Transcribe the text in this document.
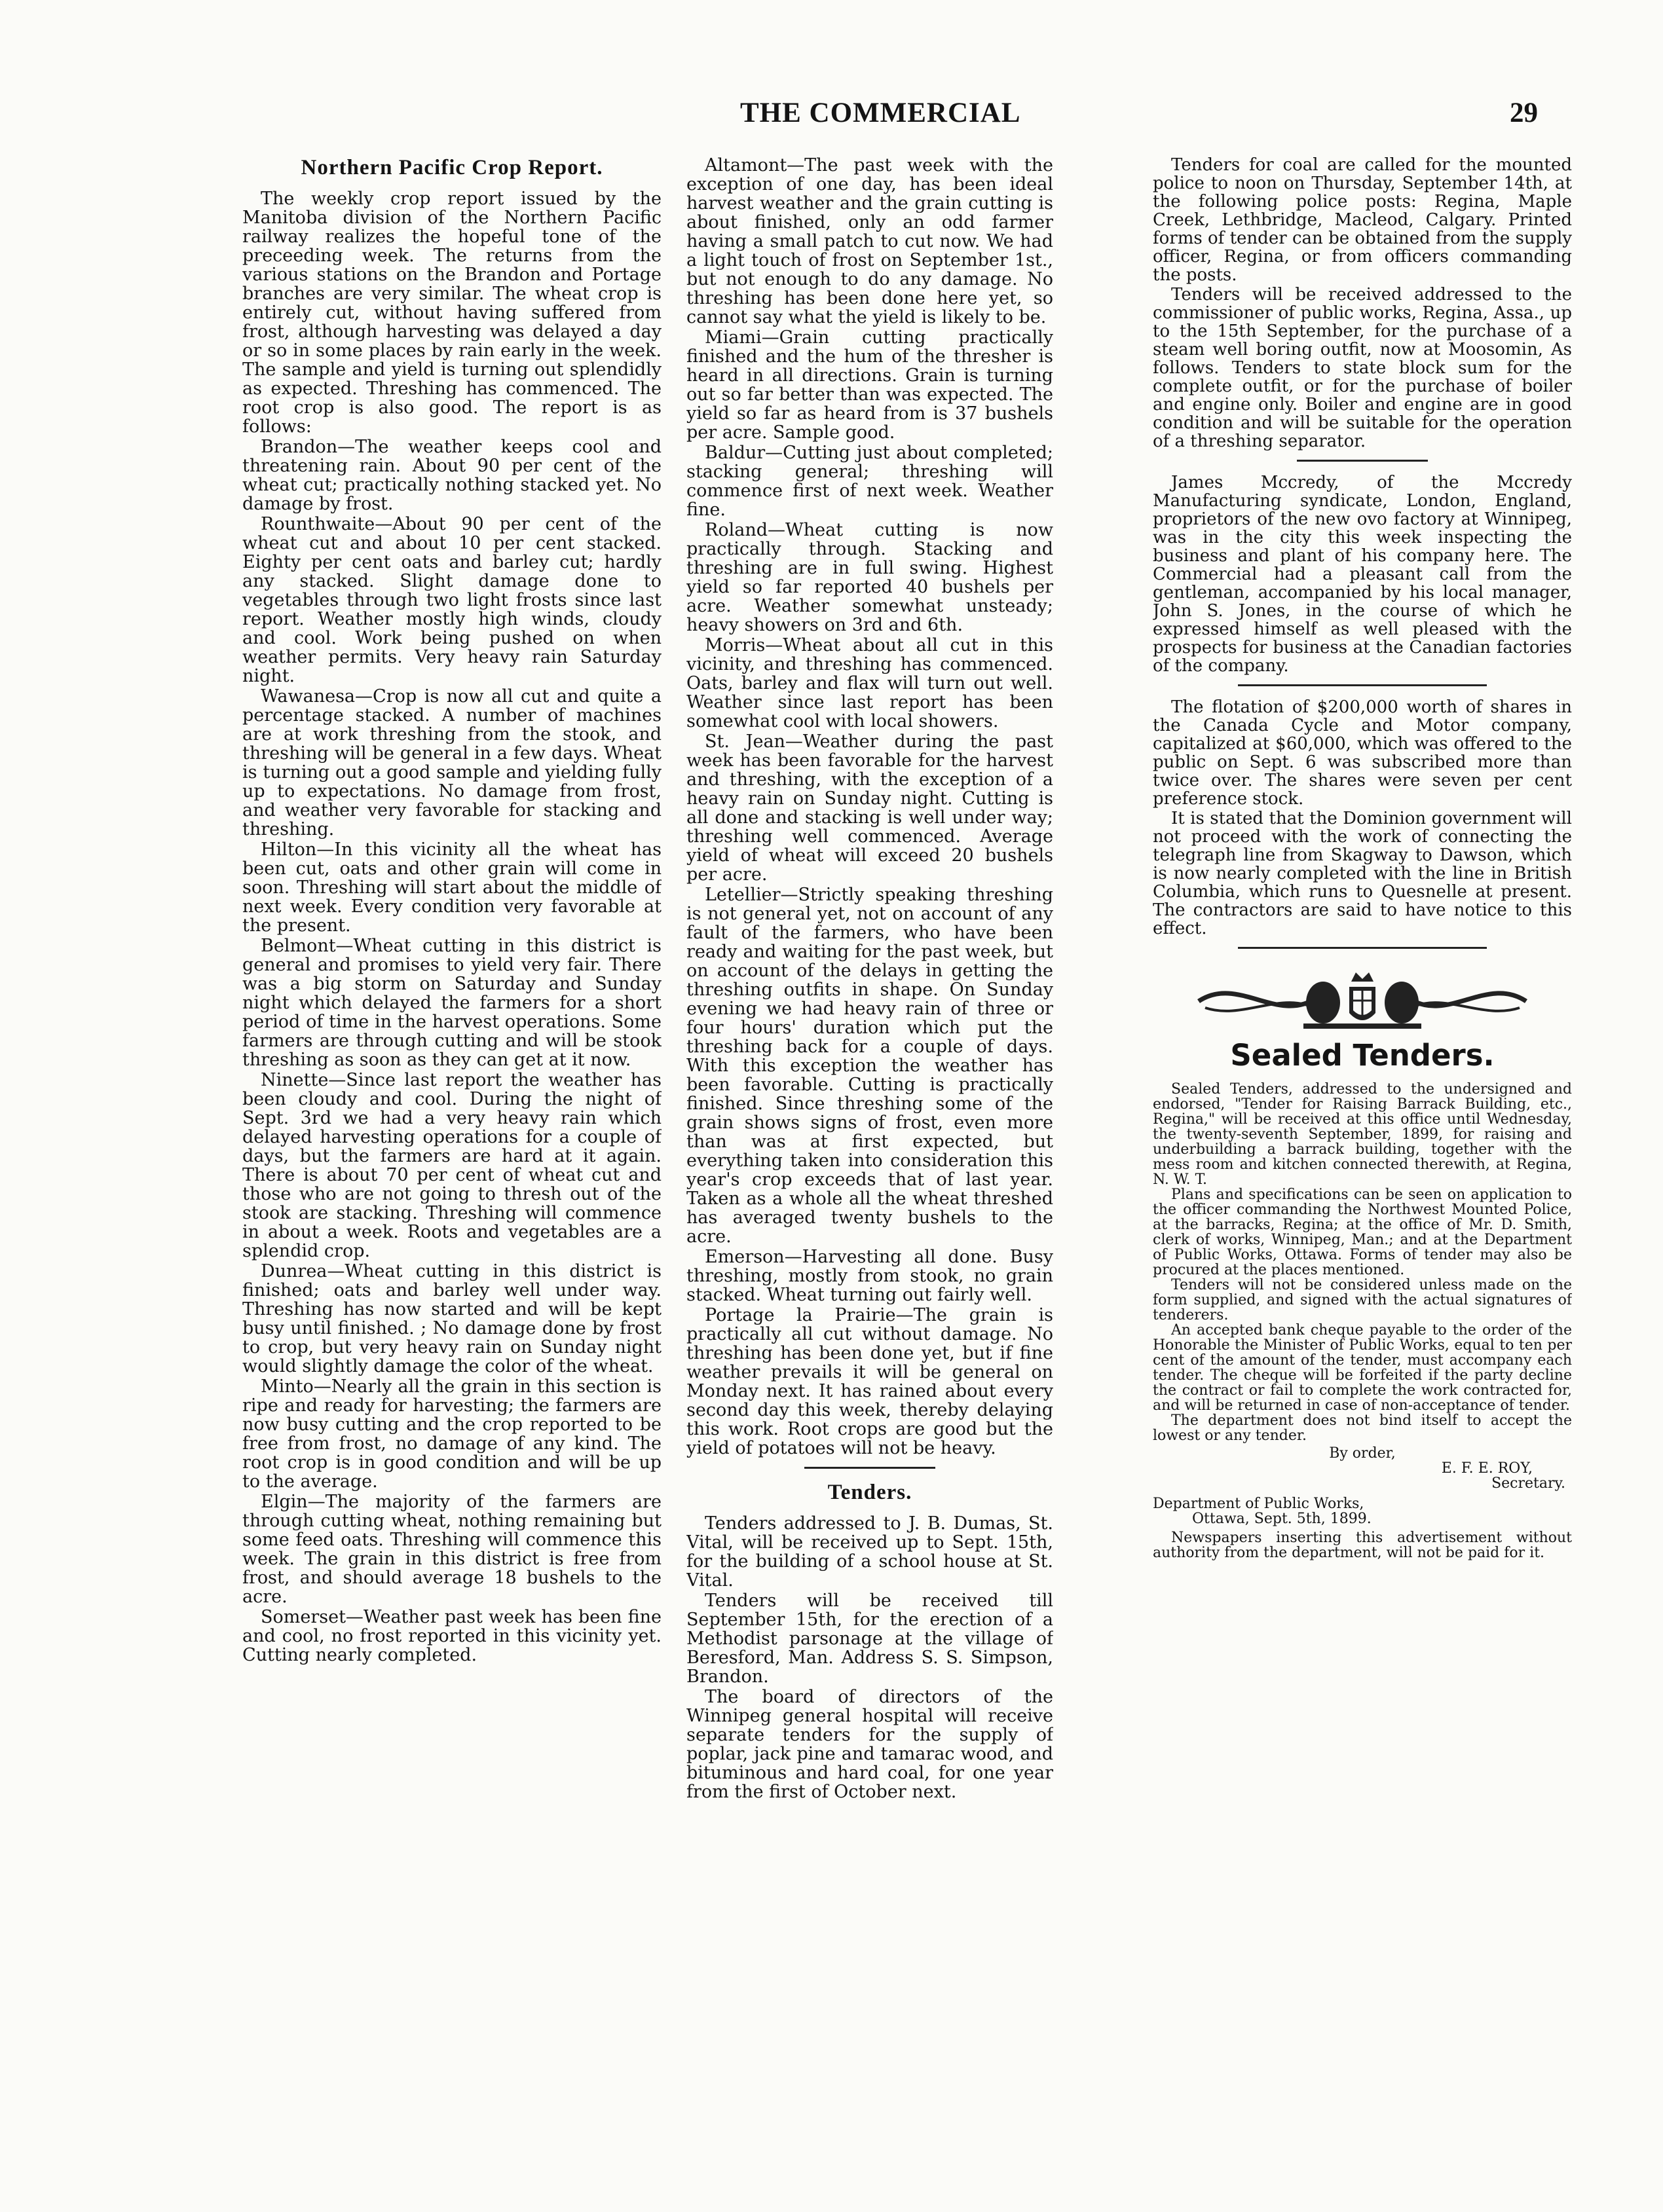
THE COMMERCIAL	29
Northern Pacific Crop Report.

The weekly crop report issued by the Manitoba division of the Northern Pacific railway realizes the hopeful tone of the preceeding week. The returns from the various stations on the Brandon and Portage branches are very similar. The wheat crop is entirely cut, without having suffered from frost, although harvesting was delayed a day or so in some places by rain early in the week. The sample and yield is turning out splendidly as expected. Threshing has commenced. The root crop is also good. The report is as follows:

Brandon—The weather keeps cool and threatening rain. About 90 per cent of the wheat cut; practically nothing stacked yet. No damage by frost.

Rounthwaite—About 90 per cent of the wheat cut and about 10 per cent stacked. Eighty per cent oats and barley cut; hardly any stacked. Slight damage done to vegetables through two light frosts since last report. Weather mostly high winds, cloudy and cool. Work being pushed on when weather permits. Very heavy rain Saturday night.

Wawanesa—Crop is now all cut and quite a percentage stacked. A number of machines are at work threshing from the stook, and threshing will be general in a few days. Wheat is turning out a good sample and yielding fully up to expectations. No damage from frost, and weather very favorable for stacking and threshing.

Hilton—In this vicinity all the wheat has been cut, oats and other grain will come in soon. Threshing will start about the middle of next week. Every condition very favorable at the present.

Belmont—Wheat cutting in this district is general and promises to yield very fair. There was a big storm on Saturday and Sunday night which delayed the farmers for a short period of time in the harvest operations. Some farmers are through cutting and will be stook threshing as soon as they can get at it now.

Ninette—Since last report the weather has been cloudy and cool. During the night of Sept. 3rd we had a very heavy rain which delayed harvesting operations for a couple of days, but the farmers are hard at it again. There is about 70 per cent of wheat cut and those who are not going to thresh out of the stook are stacking. Threshing will commence in about a week. Roots and vegetables are a splendid crop.

Dunrea—Wheat cutting in this district is finished; oats and barley well under way. Threshing has now started and will be kept busy until finished. ; No damage done by frost to crop, but very heavy rain on Sunday night would slightly damage the color of the wheat.

Minto—Nearly all the grain in this section is ripe and ready for harvesting; the farmers are now busy cutting and the crop reported to be free from frost, no damage of any kind. The root crop is in good condition and will be up to the average.

Elgin—The majority of the farmers are through cutting wheat, nothing remaining but some feed oats. Threshing will commence this week. The grain in this district is free from frost, and should average 18 bushels to the acre.

Somerset—Weather past week has been fine and cool, no frost reported in this vicinity yet. Cutting nearly completed.

Altamont—The past week with the exception of one day, has been ideal harvest weather and the grain cutting is about finished, only an odd farmer having a small patch to cut now. We had a light touch of frost on September 1st., but not enough to do any damage. No threshing has been done here yet, so cannot say what the yield is likely to be.

Miami—Grain cutting practically finished and the hum of the thresher is heard in all directions. Grain is turning out so far better than was expected. The yield so far as heard from is 37 bushels per acre. Sample good.

Baldur—Cutting just about completed; stacking general; threshing will commence first of next week. Weather fine.

Roland—Wheat cutting is now practically through. Stacking and threshing are in full swing. Highest yield so far reported 40 bushels per acre. Weather somewhat unsteady; heavy showers on 3rd and 6th.

Morris—Wheat about all cut in this vicinity, and threshing has commenced. Oats, barley and flax will turn out well. Weather since last report has been somewhat cool with local showers.

St. Jean—Weather during the past week has been favorable for the harvest and threshing, with the exception of a heavy rain on Sunday night. Cutting is all done and stacking is well under way; threshing well commenced. Average yield of wheat will exceed 20 bushels per acre.

Letellier—Strictly speaking threshing is not general yet, not on account of any fault of the farmers, who have been ready and waiting for the past week, but on account of the delays in getting the threshing outfits in shape. On Sunday evening we had heavy rain of three or four hours' duration which put the threshing back for a couple of days. With this exception the weather has been favorable. Cutting is practically finished. Since threshing some of the grain shows signs of frost, even more than was at first expected, but everything taken into consideration this year's crop exceeds that of last year. Taken as a whole all the wheat threshed has averaged twenty bushels to the acre.

Emerson—Harvesting all done. Busy threshing, mostly from stook, no grain stacked. Wheat turning out fairly well.

Portage la Prairie—The grain is practically all cut without damage. No threshing has been done yet, but if fine weather prevails it will be general on Monday next. It has rained about every second day this week, thereby delaying this work. Root crops are good but the yield of potatoes will not be heavy.

Tenders.

Tenders addressed to J. B. Dumas, St. Vital, will be received up to Sept. 15th, for the building of a school house at St. Vital.

Tenders will be received till September 15th, for the erection of a Methodist parsonage at the village of Beresford, Man. Address S. S. Simpson, Brandon.

The board of directors of the Winnipeg general hospital will receive separate tenders for the supply of poplar, jack pine and tamarac wood, and bituminous and hard coal, for one year from the first of October next.

Tenders for coal are called for the mounted police to noon on Thursday, September 14th, at the following police posts: Regina, Maple Creek, Lethbridge, Macleod, Calgary. Printed forms of tender can be obtained from the supply officer, Regina, or from officers commanding the posts.

Tenders will be received addressed to the commissioner of public works, Regina, Assa., up to the 15th September, for the purchase of a steam well boring outfit, now at Moosomin, As follows. Tenders to state block sum for the complete outfit, or for the purchase of boiler and engine only. Boiler and engine are in good condition and will be suitable for the operation of a threshing separator.

James Mccredy, of the Mccredy Manufacturing syndicate, London, England, proprietors of the new ovo factory at Winnipeg, was in the city this week inspecting the business and plant of his company here. The Commercial had a pleasant call from the gentleman, accompanied by his local manager, John S. Jones, in the course of which he expressed himself as well pleased with the prospects for business at the Canadian factories of the company.

The flotation of $200,000 worth of shares in the Canada Cycle and Motor company, capitalized at $60,000, which was offered to the public on Sept. 6 was subscribed more than twice over. The shares were seven per cent preference stock.

It is stated that the Dominion government will not proceed with the work of connecting the telegraph line from Skagway to Dawson, which is now nearly completed with the line in British Columbia, which runs to Quesnelle at present. The contractors are said to have notice to this effect.

Sealed Tenders.

Sealed Tenders, addressed to the undersigned and endorsed, "Tender for Raising Barrack Building, etc., Regina," will be received at this office until Wednesday, the twenty-seventh September, 1899, for raising and underbuilding a barrack building, together with the mess room and kitchen connected therewith, at Regina, N. W. T.

Plans and specifications can be seen on application to the officer commanding the Northwest Mounted Police, at the barracks, Regina; at the office of Mr. D. Smith, clerk of works, Winnipeg, Man.; and at the Department of Public Works, Ottawa. Forms of tender may also be procured at the places mentioned.

Tenders will not be considered unless made on the form supplied, and signed with the actual signatures of tenderers.

An accepted bank cheque payable to the order of the Honorable the Minister of Public Works, equal to ten per cent of the amount of the tender, must accompany each tender. The cheque will be forfeited if the party decline the contract or fail to complete the work contracted for, and will be returned in case of non-acceptance of tender.

The department does not bind itself to accept the lowest or any tender.

By order,

E. F. E. ROY,

Secretary.

Department of Public Works,

Ottawa, Sept. 5th, 1899.

Newspapers inserting this advertisement without authority from the department, will not be paid for it.
